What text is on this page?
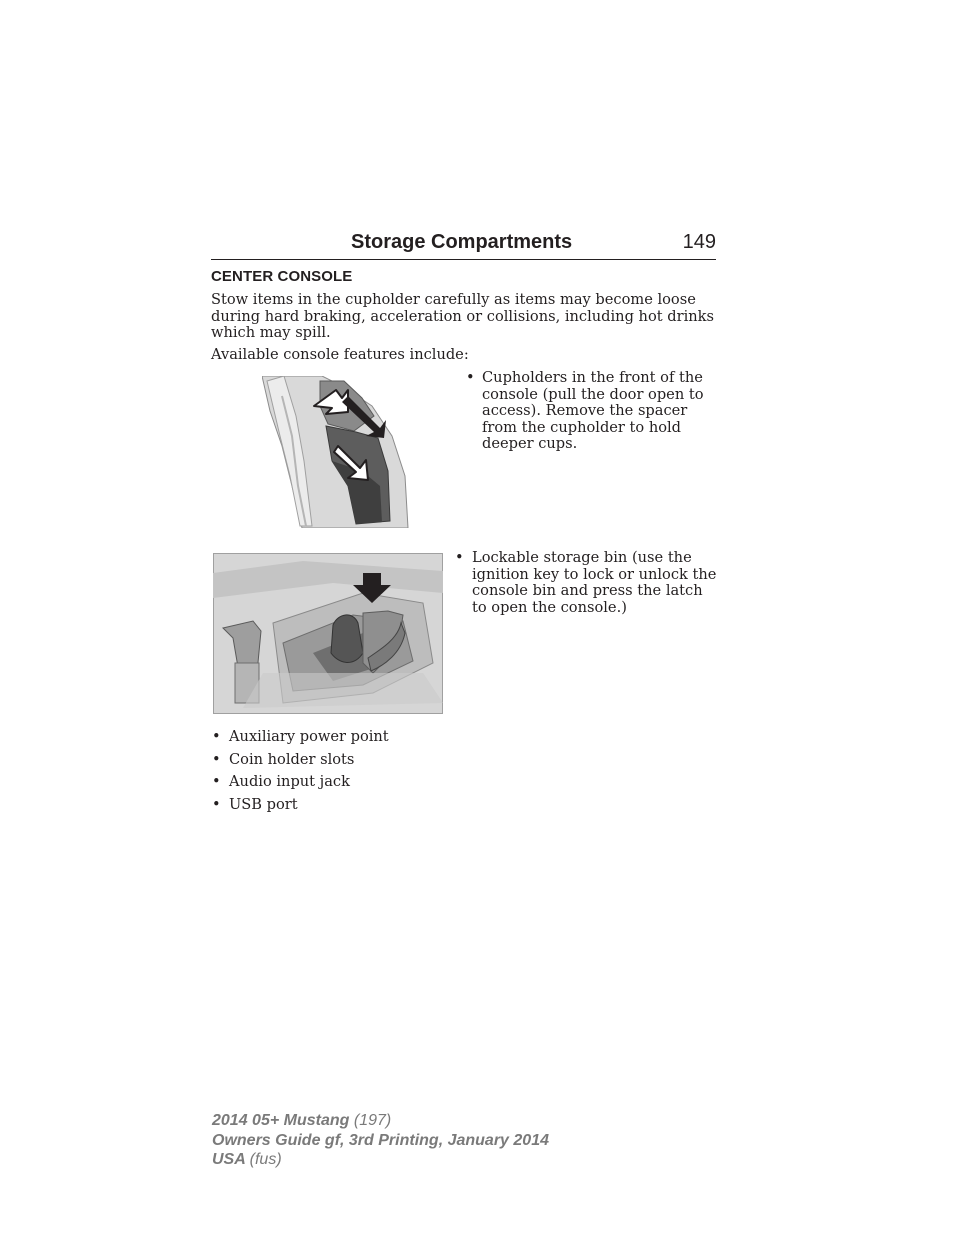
Storage Compartments	149
CENTER CONSOLE

Stow items in the cupholder carefully as items may become loose during hard braking, acceleration or collisions, including hot drinks which may spill.

Available console features include:

• Cupholders in the front of the console (pull the door open to access). Remove the spacer from the cupholder to hold deeper cups.
• Lockable storage bin (use the ignition key to lock or unlock the console bin and press the latch to open the console.)
• Auxiliary power point
• Coin holder slots
• Audio input jack
• USB port
2014 05+ Mustang (197)
Owners Guide gf, 3rd Printing, January 2014
USA (fus)
